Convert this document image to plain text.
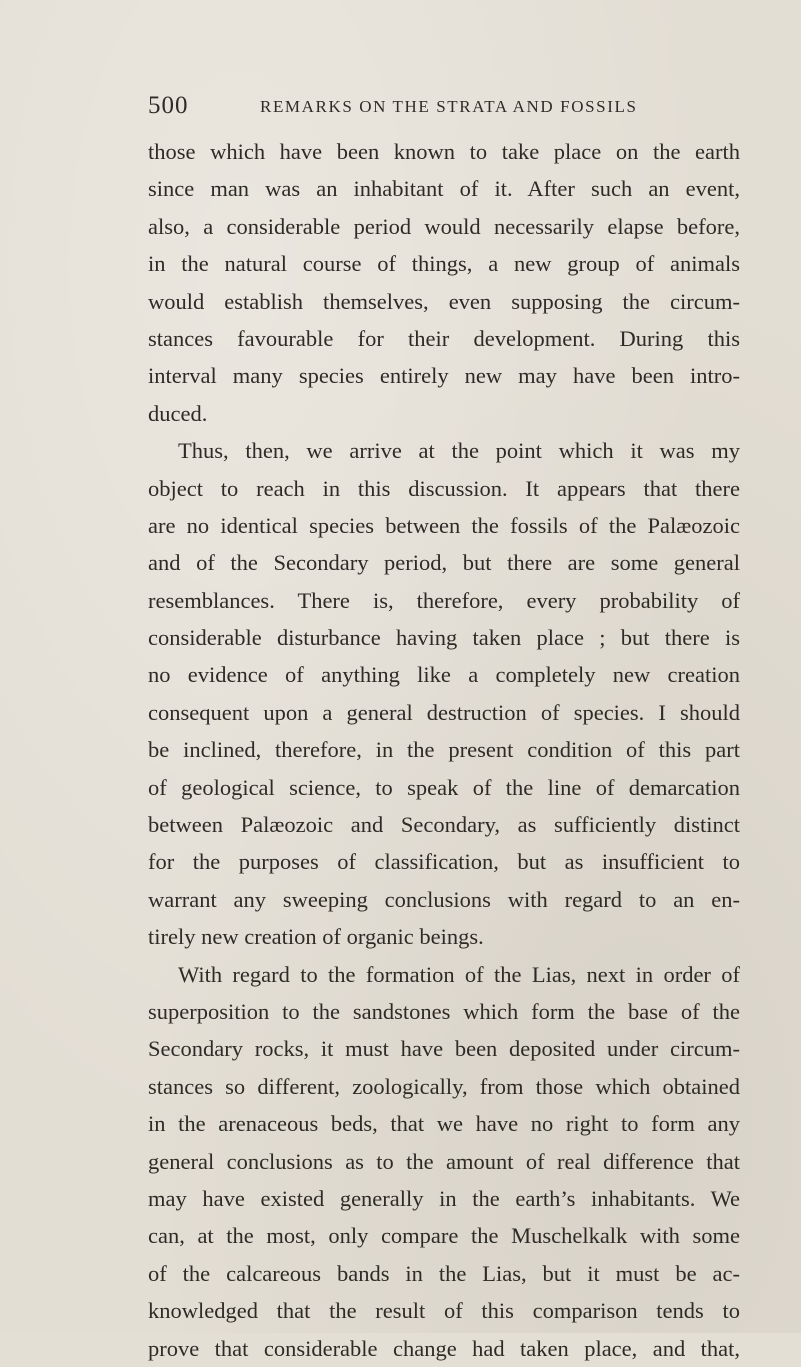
500	REMARKS ON THE STRATA AND FOSSILS
those which have been known to take place on the earth
since man was an inhabitant of it. After such an event,
also, a considerable period would necessarily elapse before,
in the natural course of things, a new group of animals
would establish themselves, even supposing the circum-
stances favourable for their development. During this
interval many species entirely new may have been intro-
duced.
Thus, then, we arrive at the point which it was my
object to reach in this discussion. It appears that there
are no identical species between the fossils of the Palæozoic
and of the Secondary period, but there are some general
resemblances. There is, therefore, every probability of
considerable disturbance having taken place ; but there is
no evidence of anything like a completely new creation
consequent upon a general destruction of species. I should
be inclined, therefore, in the present condition of this part
of geological science, to speak of the line of demarcation
between Palæozoic and Secondary, as sufficiently distinct
for the purposes of classification, but as insufficient to
warrant any sweeping conclusions with regard to an en-
tirely new creation of organic beings.
With regard to the formation of the Lias, next in order of
superposition to the sandstones which form the base of the
Secondary rocks, it must have been deposited under circum-
stances so different, zoologically, from those which obtained
in the arenaceous beds, that we have no right to form any
general conclusions as to the amount of real difference that
may have existed generally in the earth’s inhabitants. We
can, at the most, only compare the Muschelkalk with some
of the calcareous bands in the Lias, but it must be ac-
knowledged that the result of this comparison tends to
prove that considerable change had taken place, and that,
